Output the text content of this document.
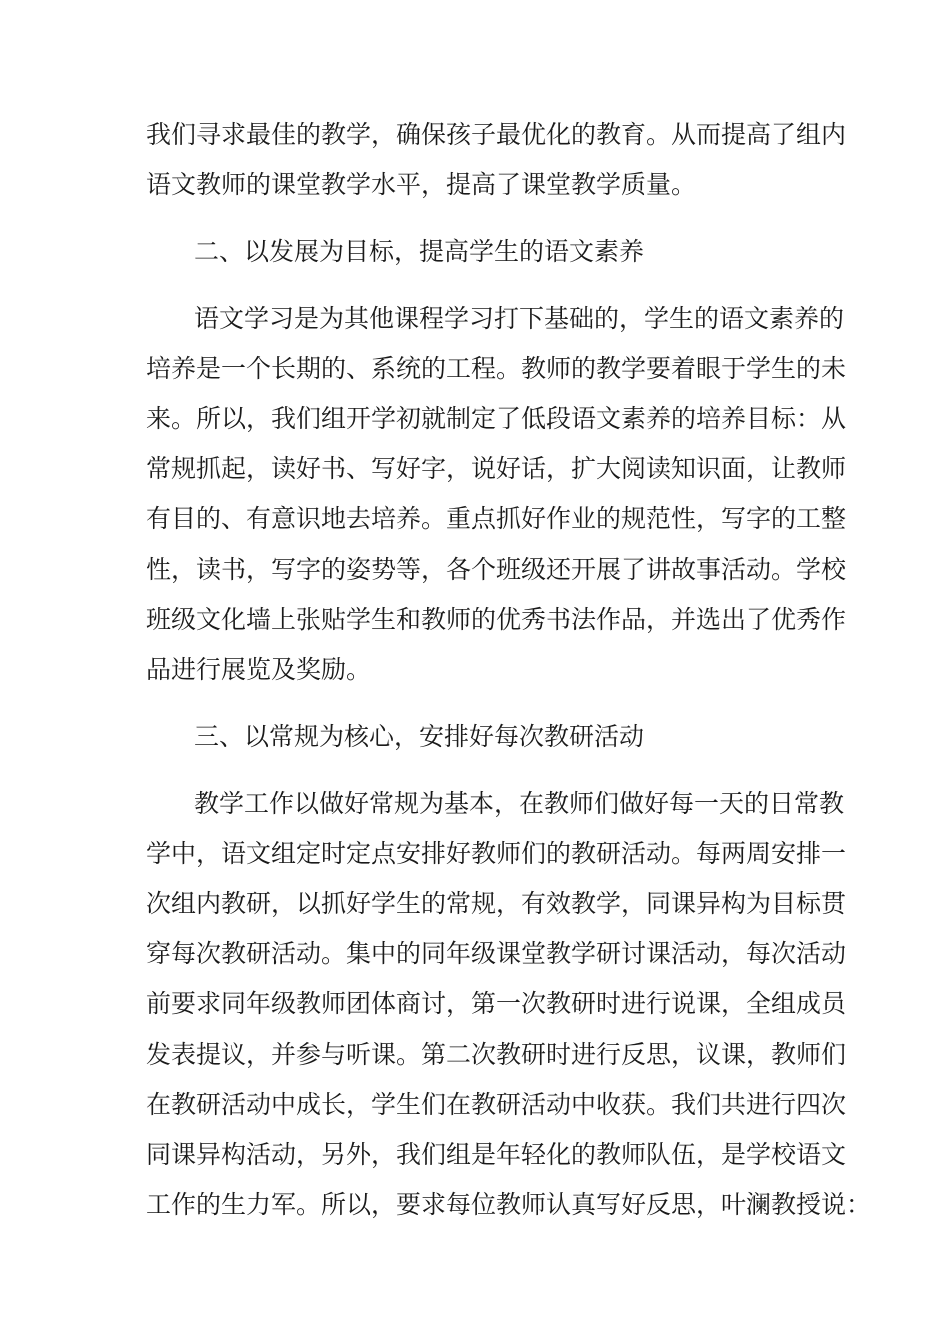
我们寻求最佳的教学，确保孩子最优化的教育。从而提高了组内
语文教师的课堂教学水平，提高了课堂教学质量。
二、以发展为目标，提高学生的语文素养
语文学习是为其他课程学习打下基础的，学生的语文素养的
培养是一个长期的、系统的工程。教师的教学要着眼于学生的未
来。所以，我们组开学初就制定了低段语文素养的培养目标：从
常规抓起，读好书、写好字，说好话，扩大阅读知识面，让教师
有目的、有意识地去培养。重点抓好作业的规范性，写字的工整
性，读书，写字的姿势等，各个班级还开展了讲故事活动。学校
班级文化墙上张贴学生和教师的优秀书法作品，并选出了优秀作
品进行展览及奖励。
三、以常规为核心，安排好每次教研活动
教学工作以做好常规为基本，在教师们做好每一天的日常教
学中，语文组定时定点安排好教师们的教研活动。每两周安排一
次组内教研，以抓好学生的常规，有效教学，同课异构为目标贯
穿每次教研活动。集中的同年级课堂教学研讨课活动，每次活动
前要求同年级教师团体商讨，第一次教研时进行说课，全组成员
发表提议，并参与听课。第二次教研时进行反思，议课，教师们
在教研活动中成长，学生们在教研活动中收获。我们共进行四次
同课异构活动，另外，我们组是年轻化的教师队伍，是学校语文
工作的生力军。所以，要求每位教师认真写好反思，叶澜教授说：
